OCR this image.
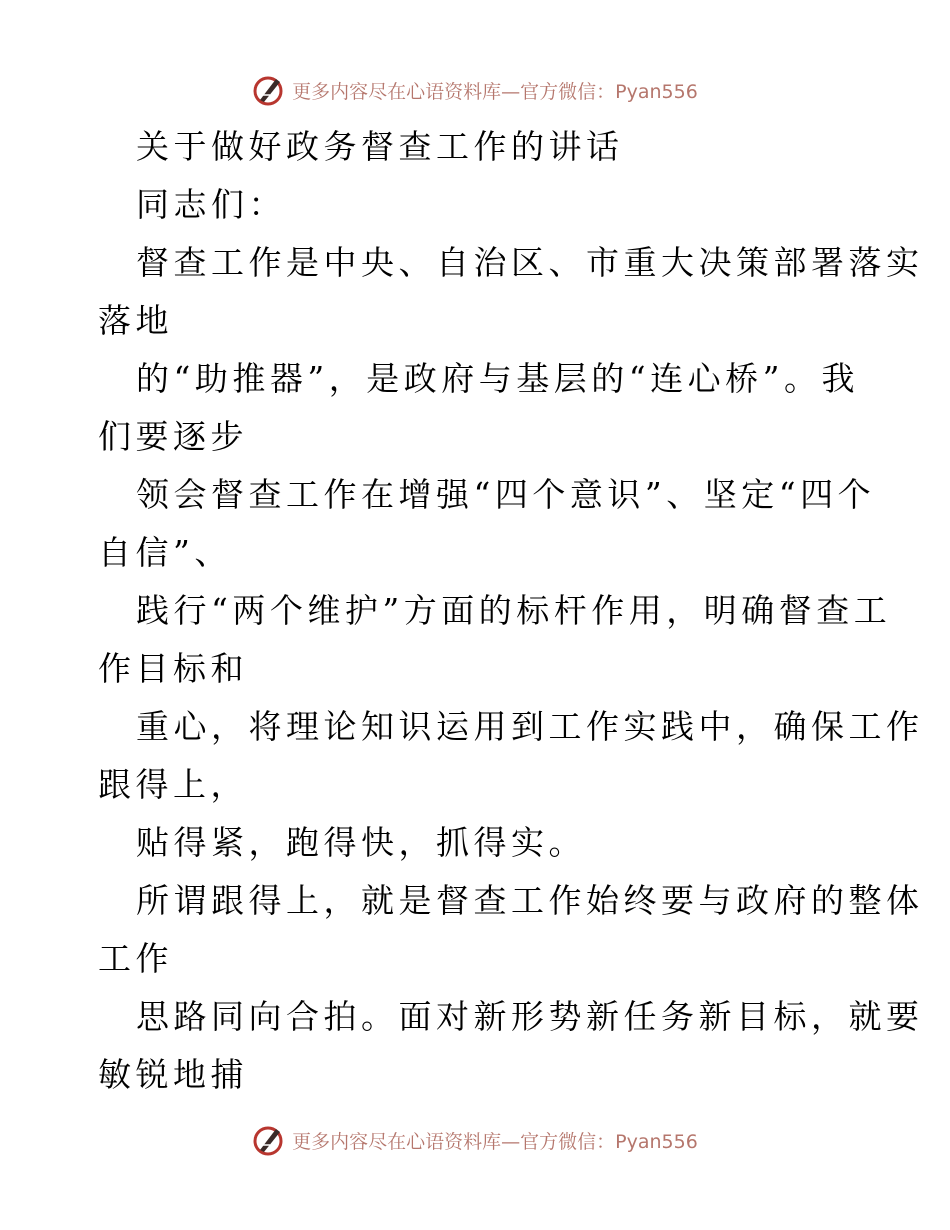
更多内容尽在心语资料库—官方微信：Pyan556
关于做好政务督查工作的讲话
同志们：
督查工作是中央、自治区、市重大决策部署落实
落地
的“助推器”，是政府与基层的“连心桥”。我
们要逐步
领会督查工作在增强“四个意识”、坚定“四个
自信”、
践行“两个维护”方面的标杆作用，明确督查工
作目标和
重心，将理论知识运用到工作实践中，确保工作
跟得上，
贴得紧，跑得快，抓得实。
所谓跟得上，就是督查工作始终要与政府的整体
工作
思路同向合拍。面对新形势新任务新目标，就要
敏锐地捕
更多内容尽在心语资料库—官方微信：Pyan556
